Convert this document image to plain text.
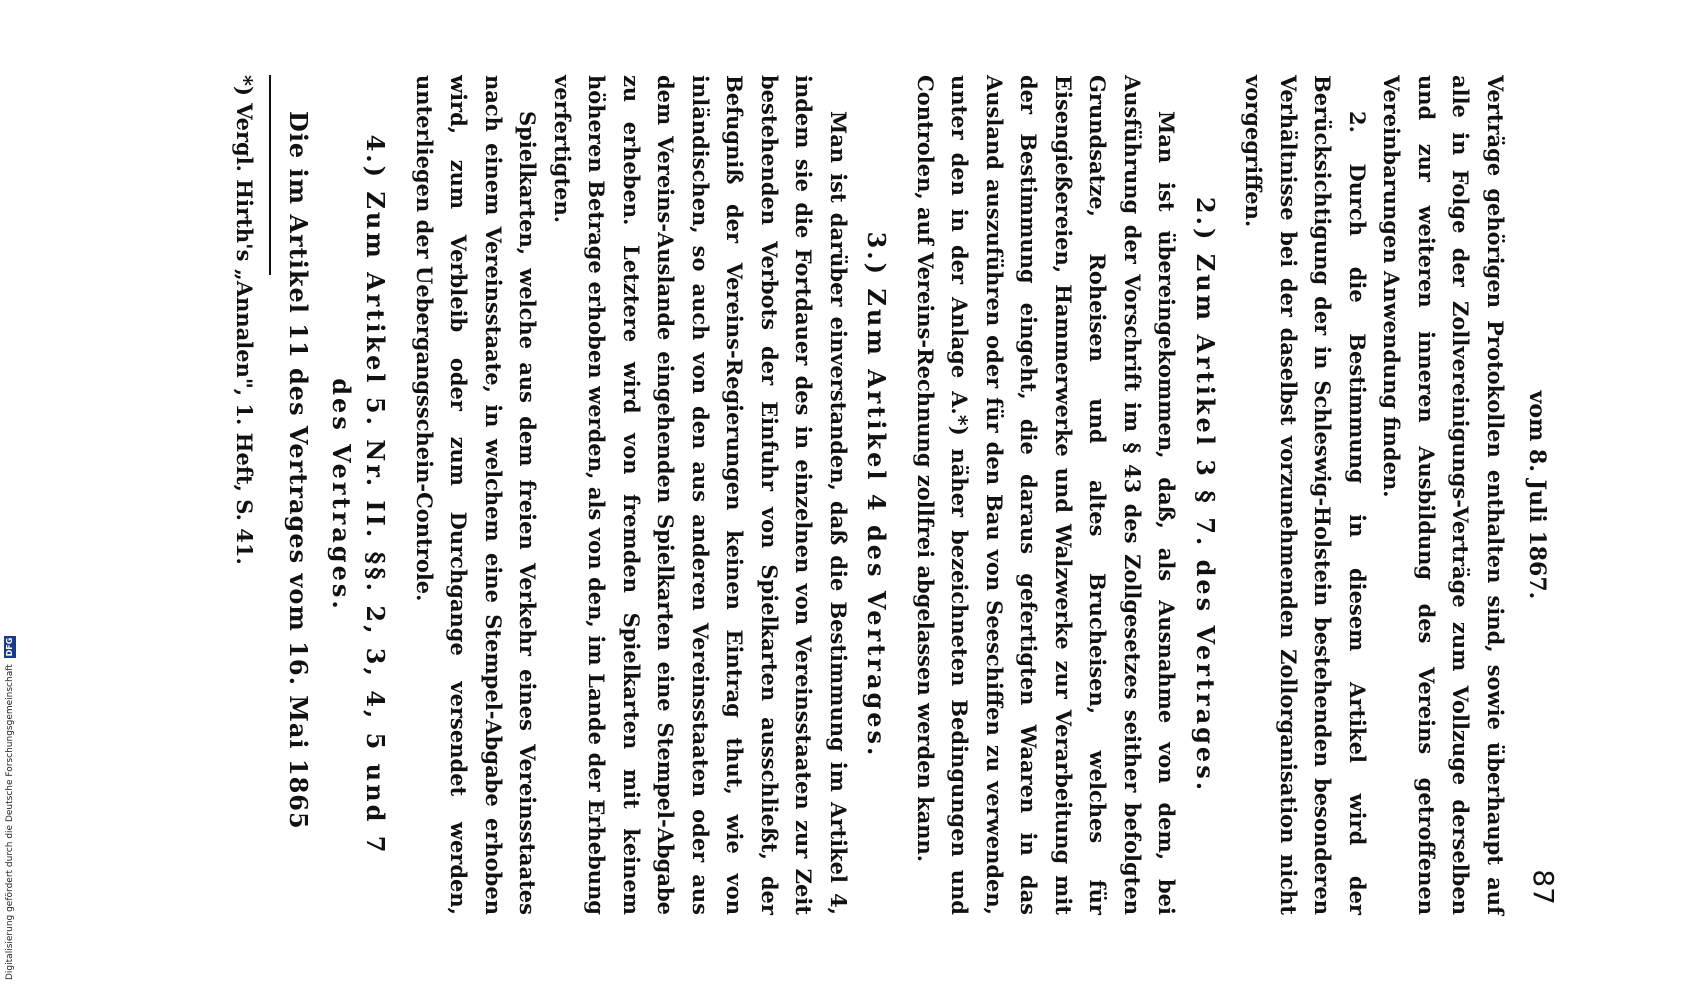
vom 8. Juli 1867.
87

Verträge gehörigen Protokollen enthalten sind, sowie überhaupt auf alle in Folge der Zollvereinigungs-Verträge zum Vollzuge derselben und zur weiteren inneren Ausbildung des Vereins getroffenen Vereinbarungen Anwendung finden.

2. Durch die Bestimmung in diesem Artikel wird der Berücksichtigung der in Schleswig-Holstein bestehenden besonderen Verhältnisse bei der daselbst vorzunehmenden Zollorganisation nicht vorgegriffen.

2.) Zum Artikel 3 § 7. des Vertrages.

Man ist übereingekommen, daß, als Ausnahme von dem, bei Ausführung der Vorschrift im § 43 des Zollgesetzes seither befolgten Grundsatze, Roheisen und altes Brucheisen, welches für Eisengießereien, Hammerwerke und Walzwerke zur Verarbeitung mit der Bestimmung eingeht, die daraus gefertigten Waaren in das Ausland auszuführen oder für den Bau von Seeschiffen zu verwenden, unter den in der Anlage A.*) näher bezeichneten Bedingungen und Controlen, auf Vereins-Rechnung zollfrei abgelassen werden kann.

3.) Zum Artikel 4 des Vertrages.

Man ist darüber einverstanden, daß die Bestimmung im Artikel 4, indem sie die Fortdauer des in einzelnen von Vereinsstaaten zur Zeit bestehenden Verbots der Einfuhr von Spielkarten ausschließt, der Befugniß der Vereins-Regierungen keinen Eintrag thut, wie von inländischen, so auch von den aus anderen Vereinsstaaten oder aus dem Vereins-Auslande eingehenden Spielkarten eine Stempel-Abgabe zu erheben. Letztere wird von fremden Spielkarten mit keinem höheren Betrage erhoben werden, als von den, im Lande der Erhebung verfertigten.

Spielkarten, welche aus dem freien Verkehr eines Vereinsstaates nach einem Vereinsstaate, in welchem eine Stempel-Abgabe erhoben wird, zum Verbleib oder zum Durchgange versendet werden, unterliegen der Uebergangsschein-Controle.

4.) Zum Artikel 5. Nr. II. §§. 2, 3, 4, 5 und 7
des Vertrages.

Die im Artikel 11 des Vertrages vom 16. Mai 1865

*) Vergl. Hirth's „Annalen", 1. Heft, S. 41.

Digitalisierung gefördert durch die Deutsche Forschungsgemeinschaft DFG
